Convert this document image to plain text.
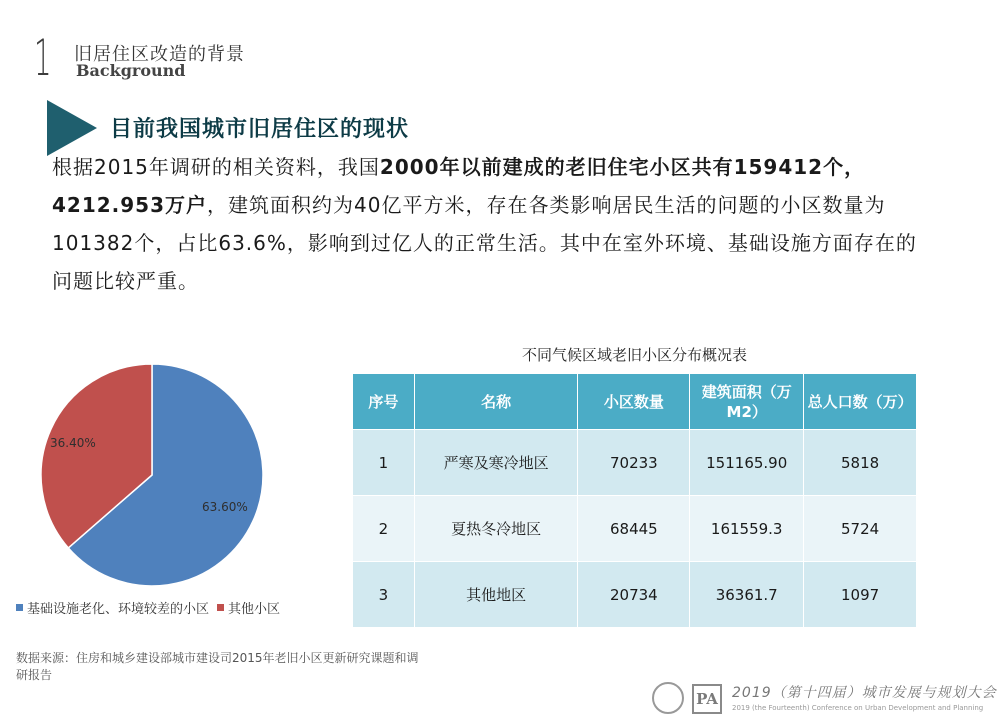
1 旧居住区改造的背景
Background
目前我国城市旧居住区的现状
根据2015年调研的相关资料，我国2000年以前建成的老旧住宅小区共有159412个，4212.953万户，建筑面积约为40亿平方米，存在各类影响居民生活的问题的小区数量为101382个，占比63.6%，影响到过亿人的正常生活。其中在室外环境、基础设施方面存在的问题比较严重。
63.60%
36.40%
基础设施老化、环境较差的小区 其他小区
数据来源：住房和城乡建设部城市建设司2015年老旧小区更新研究课题和调研报告
不同气候区域老旧小区分布概况表
序号	名称	小区数量	建筑面积（万M2）	总人口数（万）
1	严寒及寒冷地区	70233	151165.90	5818
2	夏热冬冷地区	68445	161559.3	5724
3	其他地区	20734	36361.7	1097
PA 2019（第十四届）城市发展与规划大会
2019 (the Fourteenth) Conference on Urban Development and Planning
